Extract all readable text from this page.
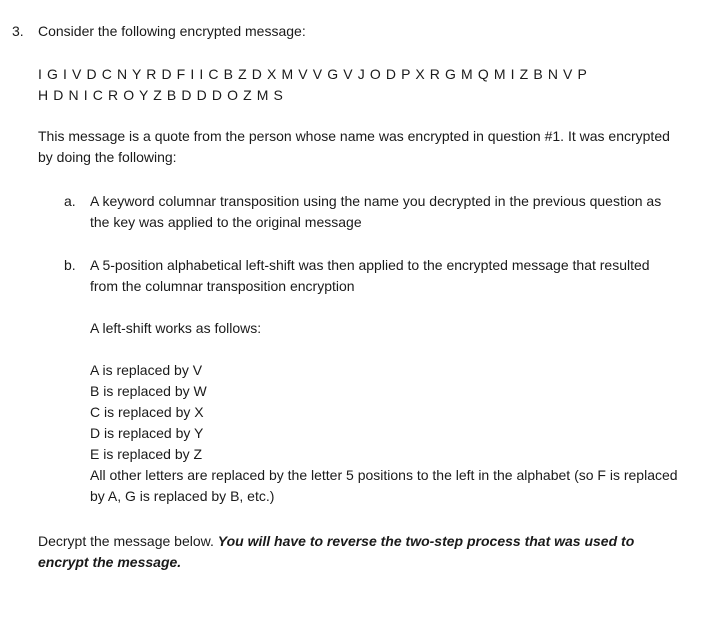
3. Consider the following encrypted message:
I G I V D C N Y R D F I I C B Z D X M V V G V J O D P X R G M Q M I Z B N V P
H D N I C R O Y Z B D D D O Z M S
This message is a quote from the person whose name was encrypted in question #1. It was encrypted by doing the following:
a. A keyword columnar transposition using the name you decrypted in the previous question as the key was applied to the original message
b. A 5-position alphabetical left-shift was then applied to the encrypted message that resulted from the columnar transposition encryption
A left-shift works as follows:
A is replaced by V
B is replaced by W
C is replaced by X
D is replaced by Y
E is replaced by Z
All other letters are replaced by the letter 5 positions to the left in the alphabet (so F is replaced by A, G is replaced by B, etc.)
Decrypt the message below. You will have to reverse the two-step process that was used to encrypt the message.
